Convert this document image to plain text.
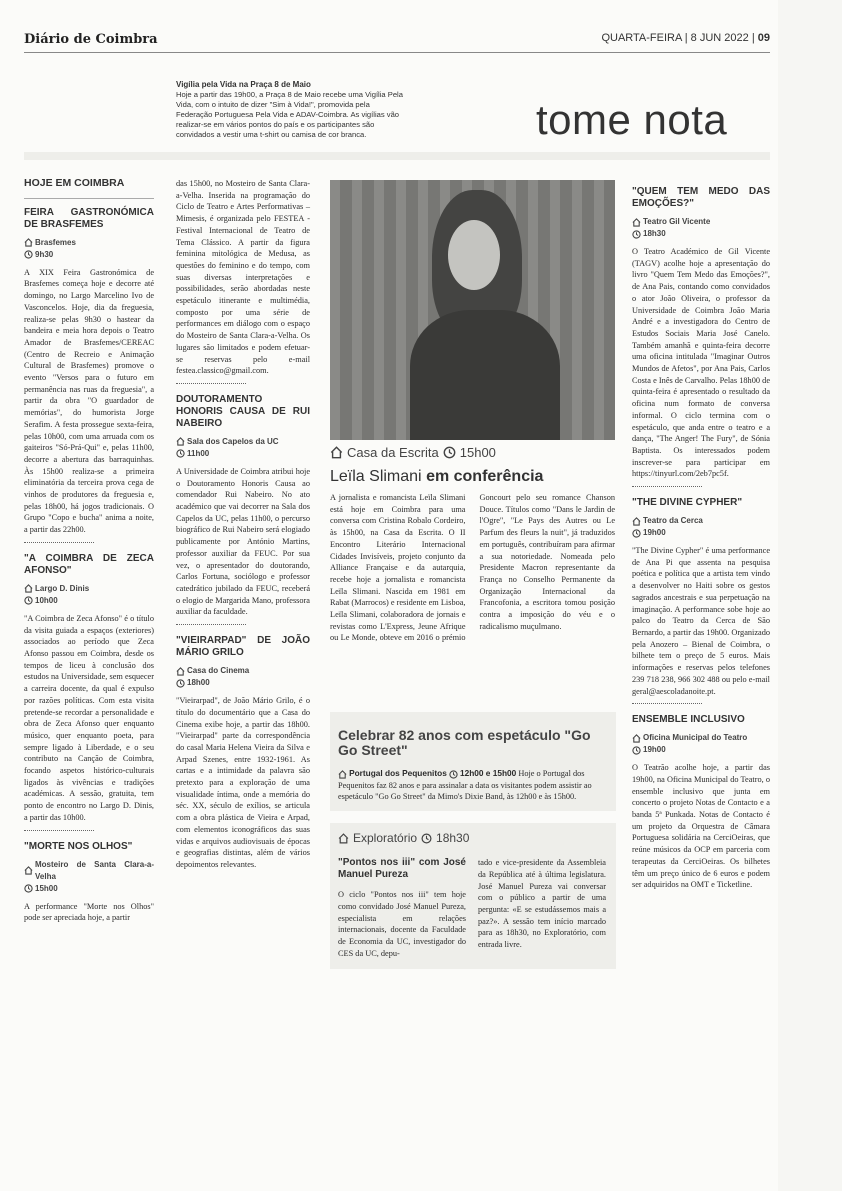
Diário de Coimbra	QUARTA-FEIRA | 8 JUN 2022 | 09
Vigília pela Vida na Praça 8 de Maio
Hoje a partir das 19h00, a Praça 8 de Maio recebe uma Vigília Pela Vida, com o intuito de dizer "Sim à Vida!", promovida pela Federação Portuguesa Pela Vida e ADAV-Coimbra. As vigílias vão realizar-se em vários pontos do país e os participantes são convidados a vestir uma t-shirt ou camisa de cor branca.	tome nota
HOJE EM COIMBRA
FEIRA GASTRONÓMICA DE BRASFEMES
Brasfemes
9h30

A XIX Feira Gastronómica de Brasfemes começa hoje e decorre até domingo, no Largo Marcelino Ivo de Vasconcelos. Hoje, dia da freguesia, realiza-se pelas 9h30 o hastear da bandeira e meia hora depois o Teatro Amador de Brasfemes/CEREAC (Centro de Recreio e Animação Cultural de Brasfemes) promove o evento "Versos para o futuro em permanência nas ruas da freguesia", a partir da obra "O guardador de memórias", do humorista Jorge Serafim. A festa prossegue sexta-feira, pelas 10h00, com uma arruada com os gaiteiros "Só-Prá-Qui" e, pelas 11h00, decorre a abertura das barraquinhas. Às 15h00 realiza-se a primeira eliminatória da terceira prova cega de vinhos de produtores da freguesia e, pelas 18h00, há jogos tradicionais. O Grupo "Copo e bucha" anima a noite, a partir das 22h00.

"A COIMBRA DE ZECA AFONSO"
Largo D. Dinis
10h00

"A Coimbra de Zeca Afonso" é o título da visita guiada a espaços (exteriores) associados ao período que Zeca Afonso passou em Coimbra, desde os tempos de liceu à conclusão dos estudos na Universidade, sem esquecer a carreira docente, da qual é expulso por razões políticas. Com esta visita pretende-se recordar a personalidade e obra de Zeca Afonso quer enquanto músico, quer enquanto poeta, para sempre ligado à Liberdade, e o seu contributo na Canção de Coimbra, focando aspetos histórico-culturais ligados às vivências e tradições académicas. A sessão, gratuita, tem ponto de encontro no Largo D. Dinis, a partir das 10h00.

"MORTE NOS OLHOS"
Mosteiro de Santa Clara-a-Velha
15h00

A performance "Morte nos Olhos" pode ser apreciada hoje, a partir

das 15h00, no Mosteiro de Santa Clara-a-Velha. Inserida na programação do Ciclo de Teatro e Artes Performativas – Mimesis, é organizada pelo FESTEA - Festival Internacional de Teatro de Tema Clássico. A partir da figura feminina mitológica de Medusa, as questões do feminino e do tempo, com suas diversas interpretações e possibilidades, serão abordadas neste espetáculo itinerante e multimédia, composto por uma série de performances em diálogo com o espaço do Mosteiro de Santa Clara-a-Velha. Os lugares são limitados e podem efetuar-se reservas pelo e-mail festea.classico@gmail.com.

DOUTORAMENTO HONORIS CAUSA DE RUI NABEIRO
Sala dos Capelos da UC
11h00

A Universidade de Coimbra atribui hoje o Doutoramento Honoris Causa ao comendador Rui Nabeiro. No ato académico que vai decorrer na Sala dos Capelos da UC, pelas 11h00, o percurso biográfico de Rui Nabeiro será elogiado publicamente por António Martins, professor auxiliar da FEUC. Por sua vez, o apresentador do doutorando, Carlos Fortuna, sociólogo e professor catedrático jubilado da FEUC, receberá o elogio de Margarida Mano, professora auxiliar da faculdade.

"VIEIRARPAD" DE JOÃO MÁRIO GRILO
Casa do Cinema
18h00

"Vieirarpad", de João Mário Grilo, é o título do documentário que a Casa do Cinema exibe hoje, a partir das 18h00. "Vieirarpad" parte da correspondência do casal Maria Helena Vieira da Silva e Arpad Szenes, entre 1932-1961. As cartas e a intimidade da palavra são pretexto para a exploração de uma visualidade íntima, onde a memória do séc. XX, século de exílios, se articula com a obra plástica de Vieira e Arpad, com elementos iconográficos das suas vidas e arquivos audiovisuais de épocas e geografias distintas, além de vários depoimentos relevantes.

Casa da Escrita 15h00
Leïla Slimani em conferência

A jornalista e romancista Leïla Slimani está hoje em Coimbra para uma conversa com Cristina Robalo Cordeiro, às 15h00, na Casa da Escrita. O II Encontro Literário Internacional Cidades Invisíveis, projeto conjunto da Alliance Française e da autarquia, recebe hoje a jornalista e romancista Leïla Slimani. Nascida em 1981 em Rabat (Marrocos) e residente em Lisboa, Leïla Slimani, colaboradora de jornais e revistas como L'Express, Jeune Afrique ou Le Monde, obteve em 2016 o prémio Goncourt pelo seu romance Chanson Douce. Títulos como "Dans le Jardin de l'Ogre", "Le Pays des Autres ou Le Parfum des fleurs la nuit", já traduzidos em português, contribuíram para afirmar a sua notoriedade. Nomeada pelo Presidente Macron representante da França no Conselho Permanente da Organização Internacional da Francofonia, a escritora tomou posição contra a imposição do véu e o radicalismo muçulmano.

Celebrar 82 anos com espetáculo "Go Go Street"
Portugal dos Pequenitos 12h00 e 15h00 Hoje o Portugal dos Pequenitos faz 82 anos e para assinalar a data os visitantes podem assistir ao espetáculo "Go Go Street" da Mimo's Dixie Band, às 12h00 e às 15h00.
Exploratório 18h30
"Pontos nos iii" com José Manuel Pureza
O ciclo "Pontos nos iii" tem hoje como convidado José Manuel Pureza, especialista em relações internacionais, docente da Faculdade de Economia da UC, investigador do CES da UC, depu-
tado e vice-presidente da Assembleia da República até à última legislatura. José Manuel Pureza vai conversar com o público a partir de uma pergunta: «E se estudássemos mais a paz?». A sessão tem início marcado para as 18h30, no Exploratório, com entrada livre.
"QUEM TEM MEDO DAS EMOÇÕES?"
Teatro Gil Vicente
18h30

O Teatro Académico de Gil Vicente (TAGV) acolhe hoje a apresentação do livro "Quem Tem Medo das Emoções?", de Ana Pais, contando como convidados o ator João Oliveira, o professor da Universidade de Coimbra João Maria André e a investigadora do Centro de Estudos Sociais Maria José Canelo. Também amanhã e quinta-feira decorre uma oficina intitulada "Imaginar Outros Mundos de Afetos", por Ana Pais, Carlos Costa e Inês de Carvalho. Pelas 18h00 de quinta-feira é apresentado o resultado da oficina num formato de conversa informal. O ciclo termina com o espetáculo, que anda entre o teatro e a dança, "The Anger! The Fury", de Sónia Baptista. Os interessados podem inscrever-se para participar em https://tinyurl.com/2eb7pc5f.

"THE DIVINE CYPHER"
Teatro da Cerca
19h00

"The Divine Cypher" é uma performance de Ana Pi que assenta na pesquisa poética e política que a artista tem vindo a desenvolver no Haiti sobre os gestos sagrados ancestrais e sua perpetuação na imaginação. A performance sobe hoje ao palco do Teatro da Cerca de São Bernardo, a partir das 19h00. Organizado pela Anozero – Bienal de Coimbra, o bilhete tem o preço de 5 euros. Mais informações e reservas pelos telefones 239 718 238, 966 302 488 ou pelo e-mail geral@aescoladanoite.pt.

ENSEMBLE INCLUSIVO
Oficina Municipal do Teatro
19h00

O Teatrão acolhe hoje, a partir das 19h00, na Oficina Municipal do Teatro, o ensemble inclusivo que junta em concerto o projeto Notas de Contacto e a banda 5ª Punkada. Notas de Contacto é um projeto da Orquestra de Câmara Portuguesa solidária na CerciOeiras, que reúne músicos da OCP em parceria com terapeutas da CerciOeiras. Os bilhetes têm um preço único de 6 euros e podem ser adquiridos na OMT e Ticketline.
